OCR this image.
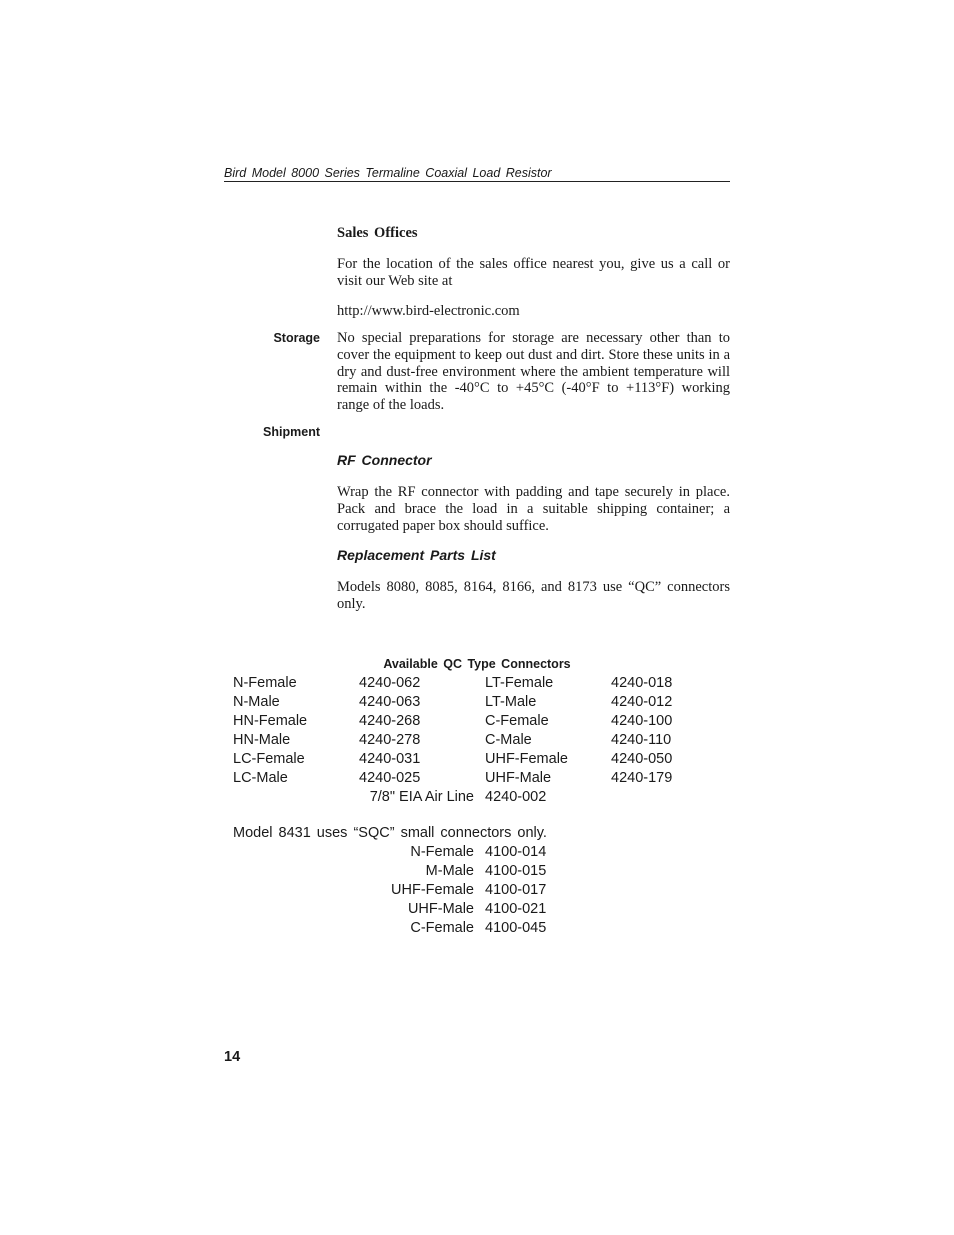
Bird Model 8000 Series Termaline Coaxial Load Resistor
Sales Offices

For the location of the sales office nearest you, give us a call or visit our Web site at

http://www.bird-electronic.com
Storage No special preparations for storage are necessary other than to cover the equipment to keep out dust and dirt. Store these units in a dry and dust-free environment where the ambient temperature will remain within the -40°C to +45°C (-40°F to +113°F) working range of the loads.

Shipment
RF Connector

Wrap the RF connector with padding and tape securely in place. Pack and brace the load in a suitable shipping container; a corrugated paper box should suffice.

Replacement Parts List

Models 8080, 8085, 8164, 8166, and 8173 use “QC” connectors only.

Available QC Type Connectors
N-Female	4240-062	LT-Female	4240-018
N-Male	4240-063	LT-Male	4240-012
HN-Female	4240-268	C-Female	4240-100
HN-Male	4240-278	C-Male	4240-110
LC-Female	4240-031	UHF-Female	4240-050
LC-Male	4240-025	UHF-Male	4240-179
7/8" EIA Air Line 4240-002
Model 8431 uses “SQC” small connectors only.
N-Female 4100-014
M-Male 4100-015
UHF-Female 4100-017
UHF-Male 4100-021
C-Female 4100-045
14
